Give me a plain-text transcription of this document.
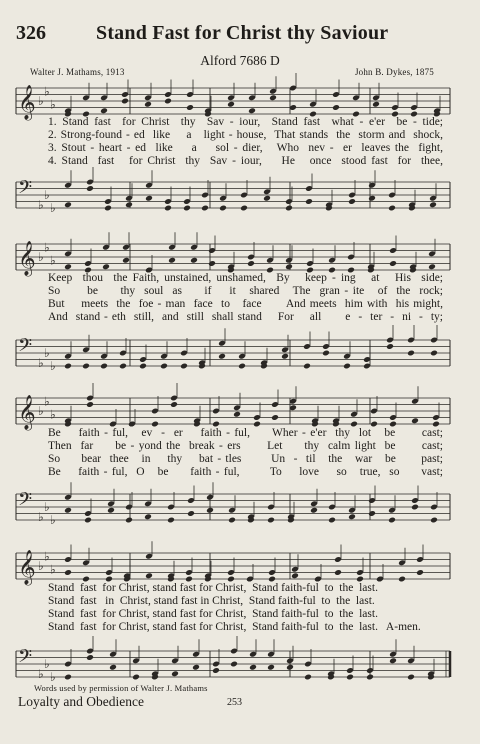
326	Stand Fast for Christ thy Saviour
Alford 7686 D
Walter J. Mathams, 1913	John B. Dykes, 1875
𝄞 ♭
♭
♭
1. Stand fast  for Christ  thy  Sav - iour,  Stand fast  what - e'er  be - tide;
2. Strong-found - ed  like    a   light - house,  That stands  the  storm and  shock,
3. Stout - heart - ed  like    a    sol - dier,   Who  nev -  er  leaves the  fight,
4. Stand  fast   for Christ  thy  Sav - iour,    He   once  stood fast  for  thee,
𝄢
♭
♭
♭
𝄞 ♭
♭
♭
Keep  thou  the Faith, unstained, unshamed,  By   keep - ing   at   His  side;
So      be     thy  soul  as     if    it   shared   The  gran - ite   of  the  rock;
But    meets  the  foe - man  face  to   face      And meets  him with  his might,
And  stand - eth  still,  and  still  shall stand    For    all      e  -  ter  -  ni  -  ty;
𝄢
♭
♭
♭
𝄞 ♭
♭
♭
Be    faith - ful,   ev  -  er    faith - ful,     Wher - e'er  thy  lot   be      cast;
Then  far     be - yond the  break - ers      Let     thy  calm light  be      cast;
So     bear  thee   in    thy    bat - tles       Un  -  til   the   war   be      past;
Be    faith - ful,  O   be     faith - ful,       To    love    so   true,  so     vast;
𝄢
♭
♭
♭
𝄞 ♭
♭
♭
Stand  fast  for Christ, stand fast for Christ,  Stand faith-ful  to  the  last.
Stand  fast   in  Christ, stand fast in Christ,  Stand faith-ful  to  the  last.
Stand  fast  for Christ, stand fast for Christ,  Stand faith-ful  to  the  last.
Stand  fast  for Christ, stand fast for Christ,  Stand faith-ful  to  the  last.   A-men.
𝄢
♭
♭
♭
Words used by permission of Walter J. Mathams
Loyalty and Obedience	253
